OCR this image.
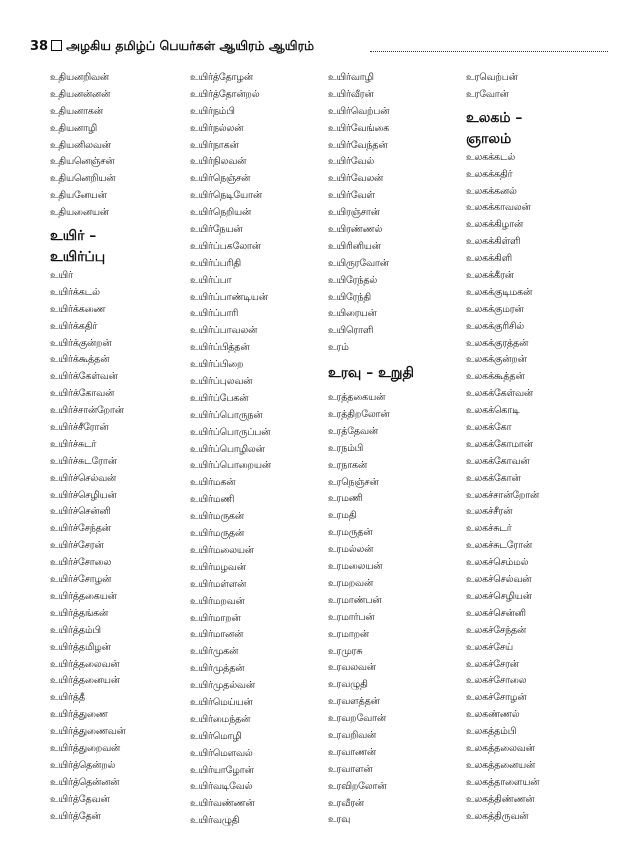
38 அழகிய தமிழ்ப் பெயர்கள் ஆயிரம் ஆயிரம்
உதியனறிவன்
உதியனன்னன்
உதியனாகன்
உதியனாழி
உதியனிலவன்
உதியனெஞ்சன்
உதியனெறியன்
உதியனேயன்
உதியனையன்
உயிர் –
உயிர்ப்பு
உயிர்
உயிர்க்கடல்
உயிர்க்கணை
உயிர்க்கதிர்
உயிர்க்குன்றன்
உயிர்க்கூத்தன்
உயிர்க்கேள்வன்
உயிர்க்கோவன்
உயிர்ச்சான்றோன்
உயிர்ச்சீரோன்
உயிர்ச்சுடர்
உயிர்ச்சுடரோன்
உயிர்ச்செல்வன்
உயிர்ச்செழியன்
உயிர்ச்சென்னி
உயிர்ச்சேந்தன்
உயிர்ச்சேரன்
உயிர்ச்சோலை
உயிர்ச்சோழன்
உயிர்த்தகையன்
உயிர்த்தங்கன்
உயிர்த்தம்பி
உயிர்த்தமிழன்
உயிர்த்தலைவன்
உயிர்த்தனையன்
உயிர்த்தீ
உயிர்த்துணை
உயிர்த்துணைவன்
உயிர்த்துறைவன்
உயிர்த்தென்றல்
உயிர்த்தென்னன்
உயிர்த்தேவன்
உயிர்த்தேன்
உயிர்த்தோழன்
உயிர்த்தோன்றல்
உயிர்நம்பி
உயிர்நல்லன்
உயிர்நாகன்
உயிர்நிலவன்
உயிர்நெஞ்சன்
உயிர்நெடியோன்
உயிர்நெறியன்
உயிர்நேயன்
உயிர்ப்பகலோன்
உயிர்ப்பரிதி
உயிர்ப்பா
உயிர்ப்பாண்டியன்
உயிர்ப்பாரி
உயிர்ப்பாவலன்
உயிர்ப்பித்தன்
உயிர்ப்பிறை
உயிர்ப்புலவன்
உயிர்ப்பேகன்
உயிர்ப்பொருநன்
உயிர்ப்பொருப்பன்
உயிர்ப்பொழிலன்
உயிர்ப்பொறையன்
உயிர்மகன்
உயிர்மணி
உயிர்மருகன்
உயிர்மருதன்
உயிர்மலையன்
உயிர்மழவன்
உயிர்மள்ளன்
உயிர்மறவன்
உயிர்மாறன்
உயிர்மானன்
உயிர்முகன்
உயிர்முத்தன்
உயிர்முதல்வன்
உயிர்மெய்யன்
உயிர்மைந்தன்
உயிர்மொழி
உயிர்மௌவல்
உயிர்யாழோன்
உயிர்வடிவேல்
உயிர்வண்ணன்
உயிர்வழுதி
உயிர்வாழி
உயிர்வீரன்
உயிர்வெற்பன்
உயிர்வேங்கை
உயிர்வேந்தன்
உயிர்வேல்
உயிர்வேலன்
உயிர்வேள்
உயிரஞ்சான்
உயிரண்ணல்
உயிரினியன்
உயிருரவோன்
உயிரேந்தல்
உயிரேந்தி
உயிரையன்
உயிரொளி
உரம்
உரவு – உறுதி
உரத்தகையன்
உரத்திறலோன்
உரத்தேவன்
உரநம்பி
உரநாகன்
உரநெஞ்சன்
உரமணி
உரமதி
உரமருதன்
உரமல்லன்
உரமலையன்
உரமறவன்
உரமாண்பன்
உரமார்பன்
உரமாறன்
உரமுரசு
உரவலவன்
உரவழுதி
உரவளத்தன்
உரவறவோன்
உரவறிவன்
உரவாணன்
உரவாளன்
உரவிறலோன்
உரவீரன்
உரவு
உரவெற்பன்
உரவோன்
உலகம் –
ஞாலம்
உலகக்கடல்
உலகக்கதிர்
உலகக்கனல்
உலகக்காவலன்
உலகக்கிழான்
உலகக்கிள்ளி
உலகக்கிளி
உலகக்கீரன்
உலகக்குடிமகன்
உலகக்குமரன்
உலகக்குரிசில்
உலகக்குரத்தன்
உலகக்குன்றன்
உலகக்கூத்தன்
உலகக்கேள்வன்
உலகக்கொடி
உலகக்கோ
உலகக்கோமான்
உலகக்கோவன்
உலகக்கோன்
உலகச்சான்றோன்
உலகச்சீரன்
உலகச்சுடர்
உலகச்சுடரோன்
உலகச்செம்மல்
உலகச்செல்வன்
உலகச்செழியன்
உலகச்சென்னி
உலகச்சேந்தன்
உலகச்சேய்
உலகச்சேரன்
உலகச்சோலை
உலகச்சோழன்
உலகண்ணல்
உலகத்தம்பி
உலகத்தலைவன்
உலகத்தனையன்
உலகத்தாளையன்
உலகத்திண்ணன்
உலகத்திருவன்
